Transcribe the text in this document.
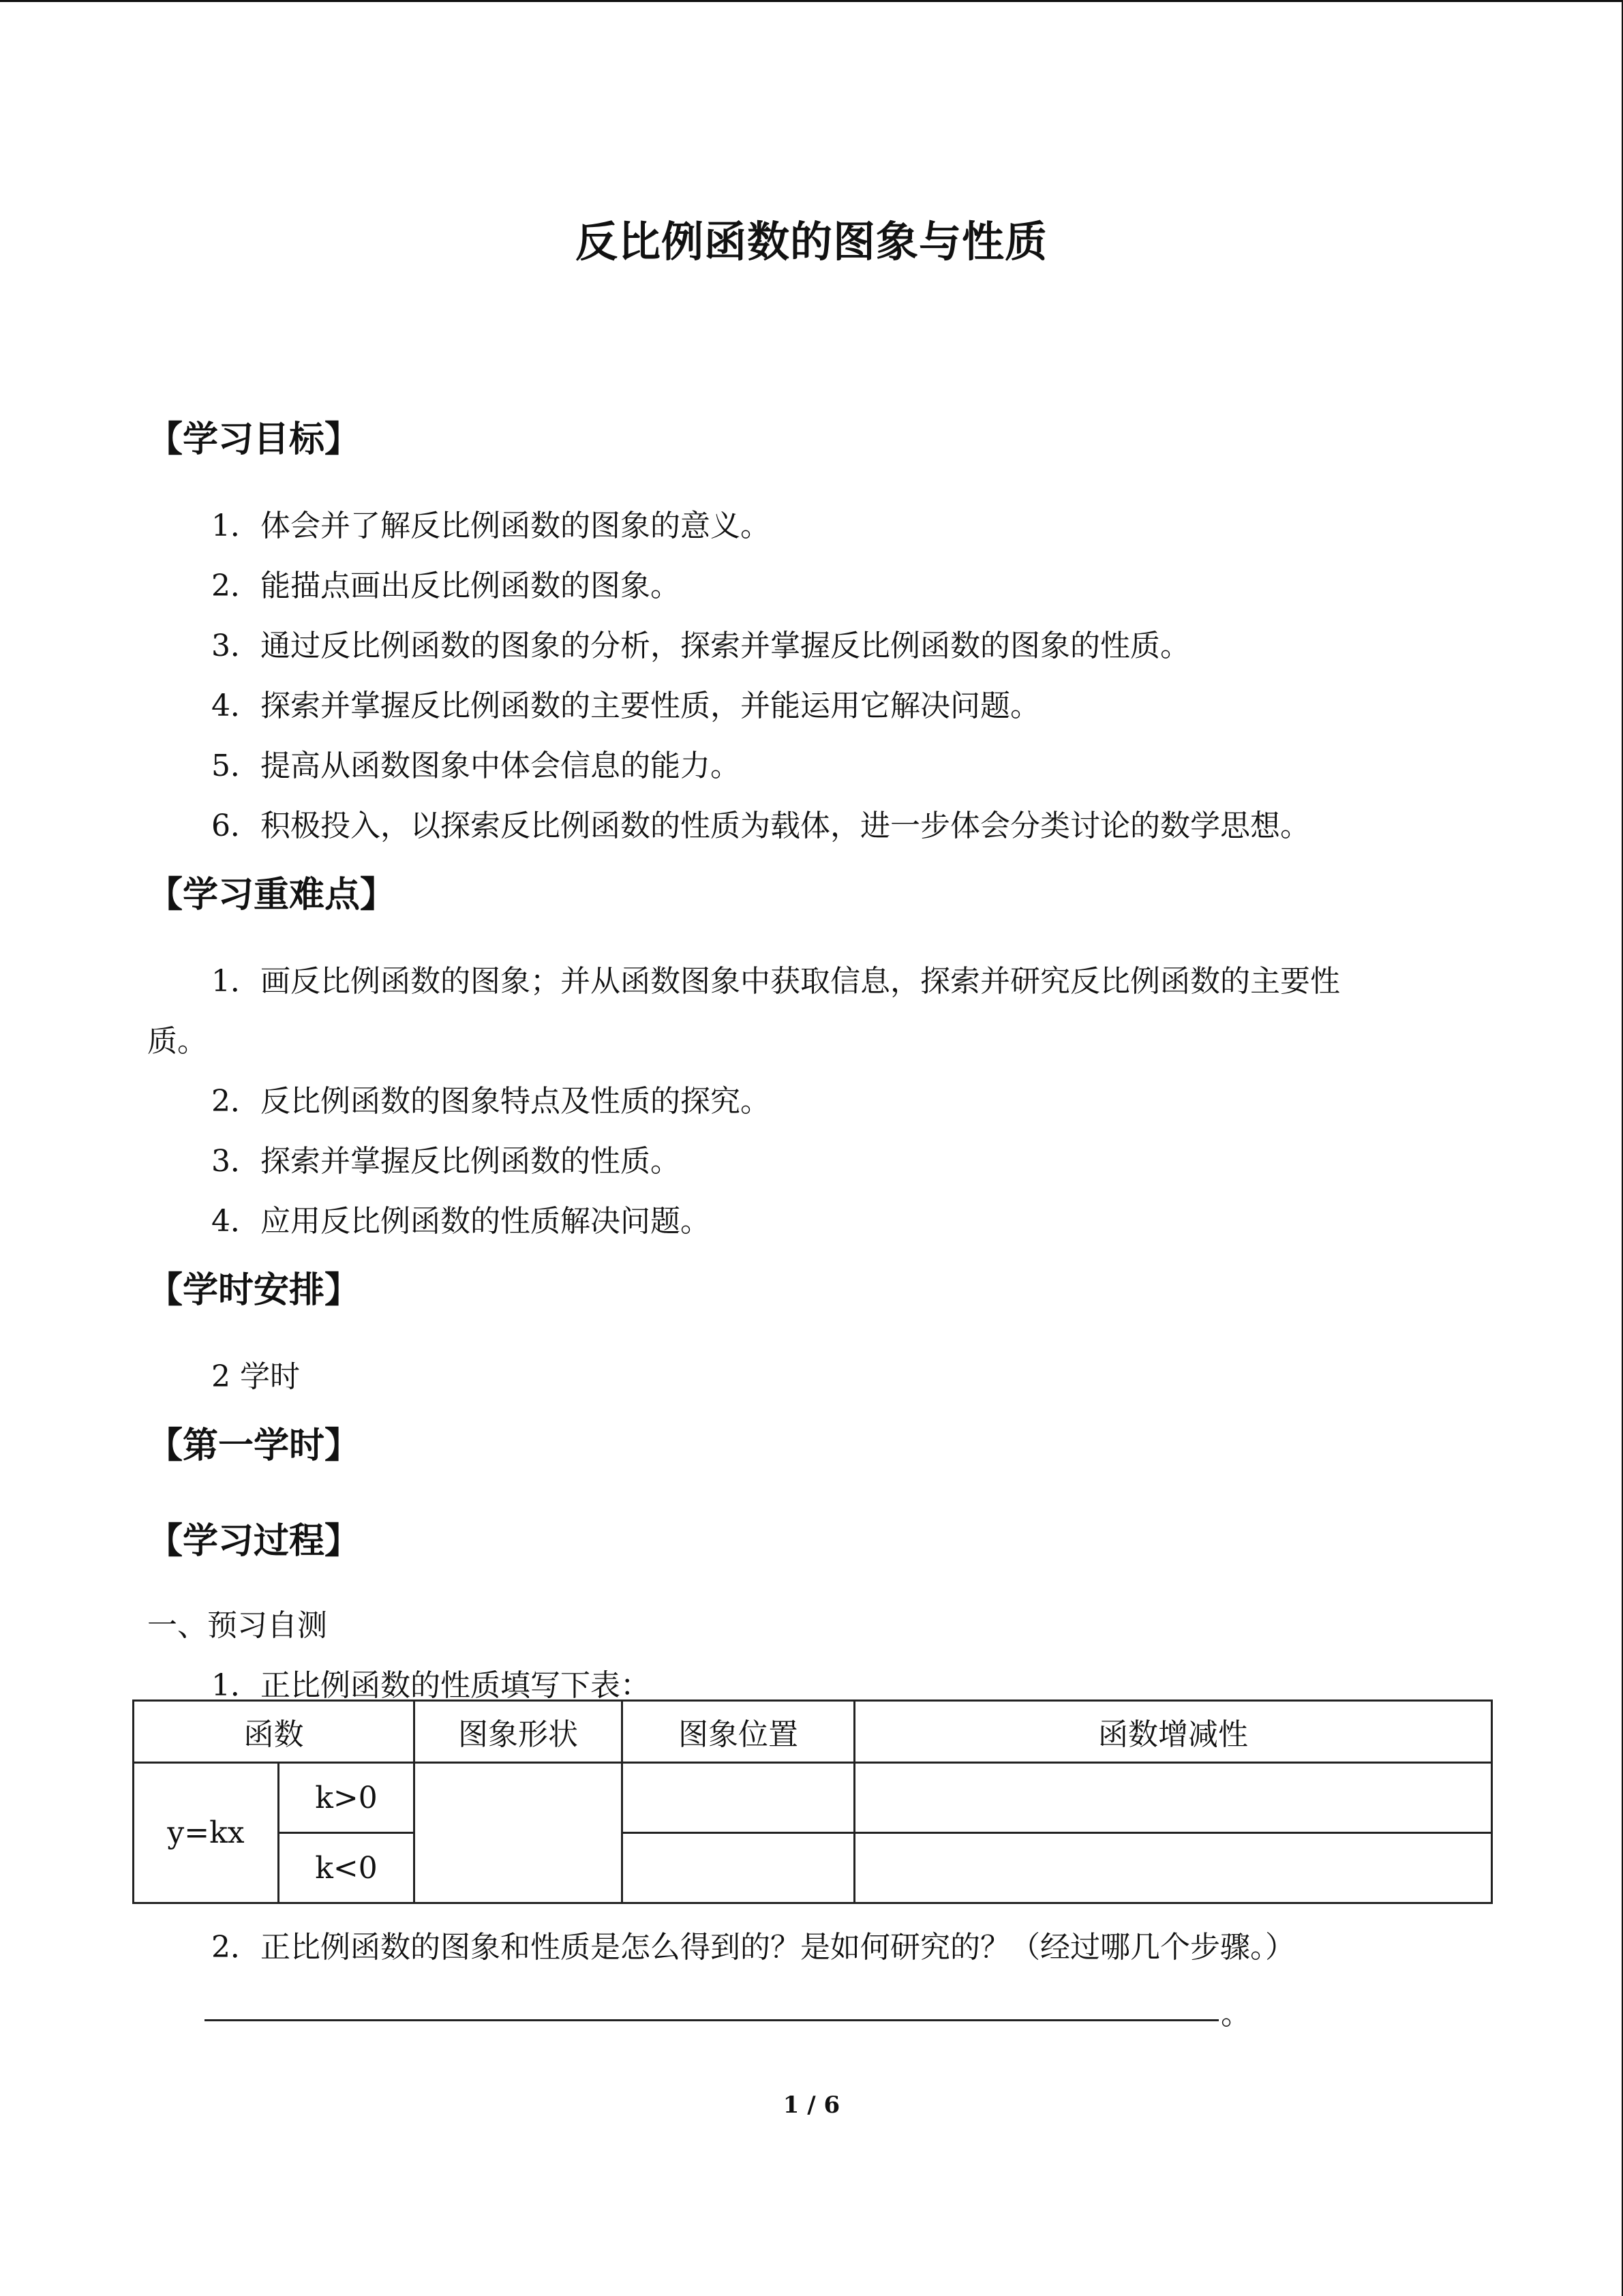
反比例函数的图象与性质
【学习目标】
1．体会并了解反比例函数的图象的意义。
2．能描点画出反比例函数的图象。
3．通过反比例函数的图象的分析，探索并掌握反比例函数的图象的性质。
4．探索并掌握反比例函数的主要性质，并能运用它解决问题。
5．提高从函数图象中体会信息的能力。
6．积极投入，以探索反比例函数的性质为载体，进一步体会分类讨论的数学思想。
【学习重难点】
1．画反比例函数的图象；并从函数图象中获取信息，探索并研究反比例函数的主要性
质。
2．反比例函数的图象特点及性质的探究。
3．探索并掌握反比例函数的性质。
4．应用反比例函数的性质解决问题。
【学时安排】
2 学时
【第一学时】
【学习过程】
一、预习自测
1．正比例函数的性质填写下表：
函数		图象形状	图象位置	函数增减性
y=kx	k>0			
	k<0			
2．正比例函数的图象和性质是怎么得到的？是如何研究的？（经过哪几个步骤。）
。
1 / 6
